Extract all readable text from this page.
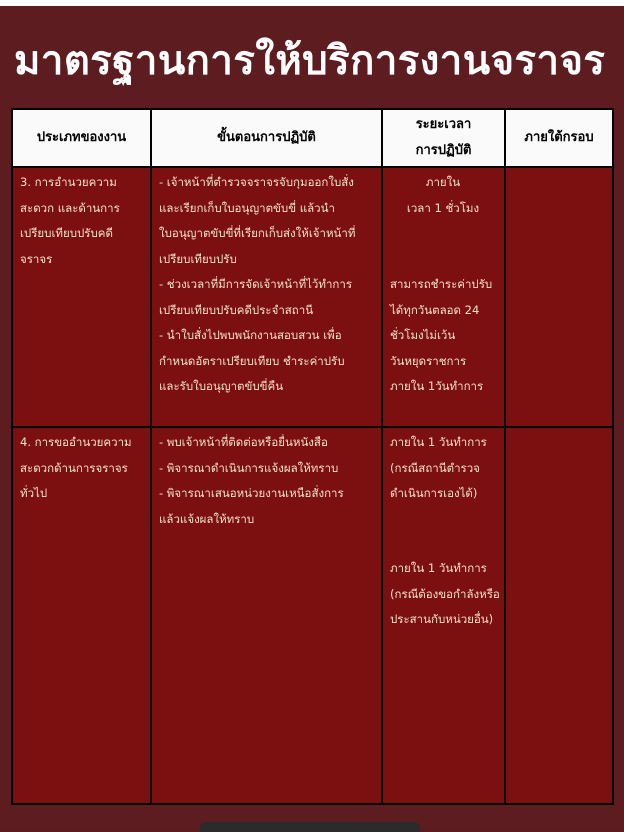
มาตรฐานการให้บริการงานจราจร
ประเภทของงาน	ขั้นตอนการปฏิบัติ
ระยะเวลา
การปฏิบัติ
ภายใต้กรอบ
3. การอำนวยความ
สะดวก และด้านการ
เปรียบเทียบปรับคดี
จราจร
- เจ้าหน้าที่ตำรวจจราจรจับกุมออกใบสั่ง
และเรียกเก็บใบอนุญาตขับขี่ แล้วนำ
ใบอนุญาตขับขี่ที่เรียกเก็บส่งให้เจ้าหน้าที่
เปรียบเทียบปรับ
- ช่วงเวลาที่มีการจัดเจ้าหน้าที่ไว้ทำการ
เปรียบเทียบปรับคดีประจำสถานี
- นำใบสั่งไปพบพนักงานสอบสวน เพื่อ
กำหนดอัตราเปรียบเทียบ ชำระค่าปรับ
และรับใบอนุญาตขับขี่คืน
ภายใน
เวลา 1 ชั่วโมง
สามารถชำระค่าปรับ
ได้ทุกวันตลอด 24
ชั่วโมงไม่เว้น
วันหยุดราชการ
ภายใน 1วันทำการ
4. การขออำนวยความ
สะดวกด้านการจราจร
ทั่วไป
- พบเจ้าหน้าที่ติดต่อหรือยื่นหนังสือ
- พิจารณาดำเนินการแจ้งผลให้ทราบ
- พิจารณาเสนอหน่วยงานเหนือสั่งการ
แล้วแจ้งผลให้ทราบ
ภายใน 1 วันทำการ
(กรณีสถานีตำรวจ
ดำเนินการเองได้)
ภายใน 1 วันทำการ
(กรณีต้องขอกำลังหรือ
ประสานกับหน่วยอื่น)
